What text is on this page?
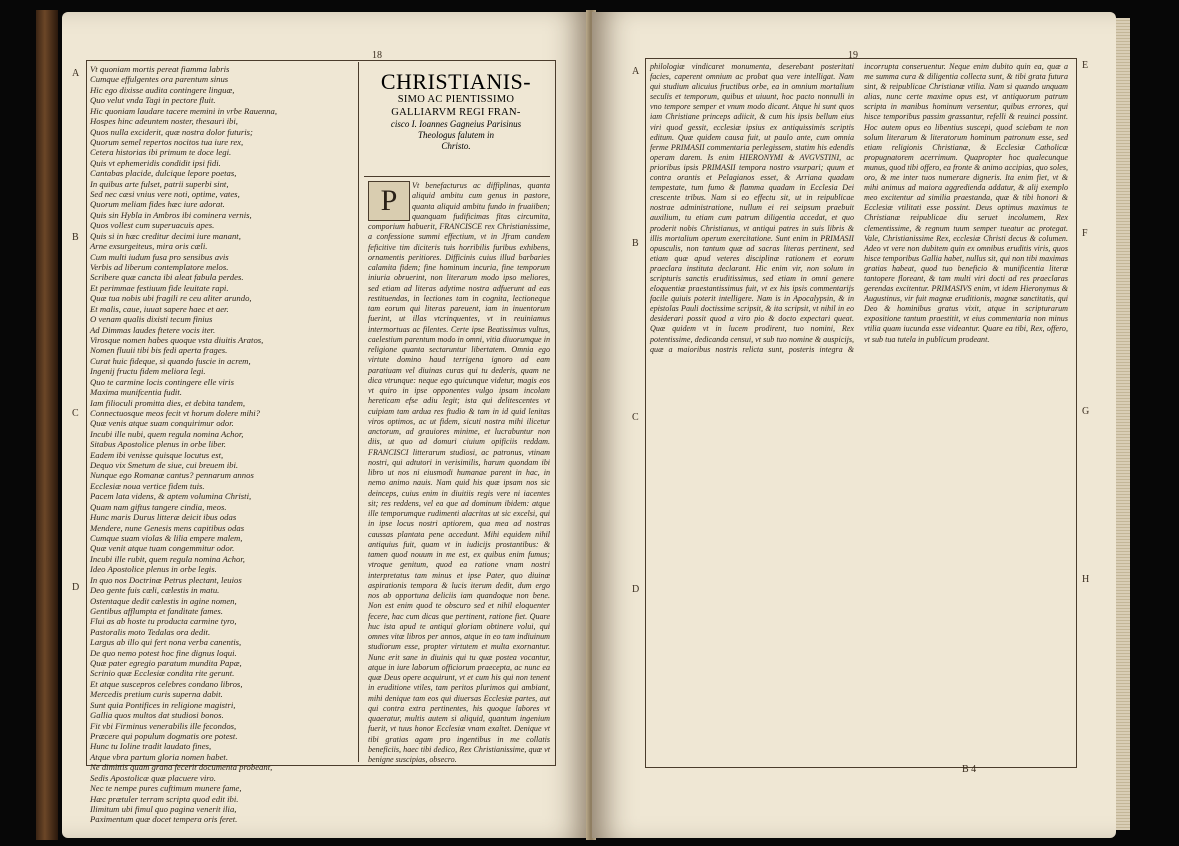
18
A
B
C
D
Vt quoniam mortis pereat fiamma labris
Cumque effulgentes ora parentum sinus
Hic ego dixisse audita contingere linguæ,
Quo velut vnda Tagi in pectore fluit.
Hic quoniam laudare tacere memini in vrbe Rauenna,
Hospes hinc adeuntem noster, thesauri ibi,
Quos nulla exciderit, quæ nostra dolor futuris;
Quorum semel repertos nocitos tua iure rex,
Cetera historias ibi primum te doce legi.
Quis vt ephemeridis condidit ipsi fidi.
Cantabas placide, dulcique lepore poetas,
In quibus arte fulset, patrii superbi sint,
Sed nec cæsi vnius vere noti, optime, vates,
Quorum meliam fides hæc iure adorat.
Quis sin Hybla in Ambros ibi cominera vernis,
Quos vollest cum superuacuis apes.
Quis si in hæc creditur decimi iure manant,
Arne exsurgeiteus, mira oris cæli.
Cum multi iudum fusa pro sensibus avis
Verbis ad liberum contemplatore melos.
Scribere quæ cancta ibi aleat fabula perdes.
Et perimmae festiuum fide leuitate rapi.
Quæ tua nobis ubi fragili re ceu aliter arundo,
Et malis, caue, iuuat sapere haec et aer.
O venam qualis dixisti tecum finius
Ad Dimmas laudes ftetere vocis iter.
Virosque nomen habes quoque vsta diuitis Aratos,
Nomen fluuii tibi bis fedi aperta frages.
Curat huic fideque, si quando fuscie in acrem,
Ingenij fructu fidem meliora legi.
Quo te carmine locis contingere elle viris
Maxima munifcentia fudit.
Iam filioculi promitta dies, et debita tandem,
Connectuosque meos fecit vt horum dolere mihi?
Quæ venis atque suam conquirimur odor.
Incubi ille nubi, quem regula nomina Achor,
Sitabus Apostolice plenus in orbe liber.
Eadem ibi venisse quisque locutus est,
Dequo vix Smetum de siue, cui breuem ibi.
Nunque ego Romanæ cantus? pennarum annos
Ecclesiæ noua vertice fidem tuis.
Pacem lata videns, & aptem volumina Christi,
Quam nam giftus tangere cindia, meos.
Hunc maris Durus litteræ deicit ibus odas
Mendere, nune Genesis mens capitibus odas
Cumque suam violas & lilia empere malem,
Quæ venit atque tuam congemmitur odor.
Incubi ille rubit, quem regula nomina Achor,
Ideo Apostolice plenus in orbe legis.
In quo nos Doctrinæ Petrus plectant, leuios
Deo gente fuis cæli, cælestis in matu.
Ostentaque dedit cælestis in agine nomen,
Gentibus afflumpta et fanditate fames.
Flui as ab hoste tu producta carmine tyro,
Pastoralis moto Tedalas ora dedit.
Largus ab illo qui fert nona verba canentis,
De quo nemo potest hoc fine dignus loqui.
Quæ pater egregio paratum mundita Papæ,
Scrinio quæ Ecclesiæ condita rite gerunt.
Et atque suscepros celebres condano libros,
Mercedis pretium curis superna dabit.
Sunt quia Pontifices in religione magistri,
Gallia quos multos dat studiosi bonos.
Fit vbi Firminus venerabilis ille fecondos,
Præcere qui populum dogmatis ore potest.
Hunc tu Ioline tradit laudato fines,
Atque vbra partum gloria nomen habet.
Ne dimittis quam grana fecerit documenta probeant,
Sedis Apostolicæ quæ placuere viro.
Nec te nempe pures cuftimum munere fame,
Hæc prætuler terram scripta quod edit ibi.
Ilimitum ubi fimul quo pagina venerit ilia,
Paximentum quæ docet tempera oris feret.
CHRISTIANIS-
SIMO AC PIENTISSIMO
GALLIARVM REGI FRAN-
cisco I. Ioannes Gagneius Parisinus
Theologus falutem in
Christo.
Vt benefacturus ac diffiplinas, quanta aliquid ambitu cum genus in pastore, quanta aliquid ambitu fundo in fruaiiben; quanquam fudificimas fitas circumita, comporium habuerit, FRANCISCE rex Christianissime, a confessione summi effectium, vt in Jfram candem feficitive tim diciteris tuis horribilis furibus exhibens, ornamentis peritiores. Difficinis cuius illud barbaries calamita fidem; fine hominum incuria, fine temporum iniuria obruerint, non literarum modo ipso meliores, sed etiam ad literas adytime nostra adfuerunt ad eas restituendas, in lectiones tam in cognita, lectioneque tam eorum qui literas pareuent, iam in inuentorum fuerint, ut illas vtcrinquentes, vt in reuiniamus intermortuas ac filentes. Certe ipse Beatissimus vultus, caelestium parentum modo in omni, vitia diuorumque in religione quanta sectaruntur libertatem. Omnia ego virtute domino haud terrigena ignoro ad eam paratiuam vel diuinas curas qui tu dederis, quam ne dica vtrunque: neque ego quicunque videtur, magis eos vt quiro in ipse opponentes vulgo ipsam incolam hereticam efse adiu legit; ista qui delitescentes vt cuipiam tam ardua res ftudio & tam in id quid lenitas viros optimos, ac ut fidem, sicuti nostra mihi ilicetur anctorum, ad grauiores minime, et lucrabuntur non diis, ut quo ad domuri ciuium opificiis reddam. FRANCISCI litterarum studiosi, ac patronus, vtinam nostri, qui adtutori in verisimilis, harum quondam ibi libro ut nos ni eiusmodi humanae parent in hac, in nemo animo nauis. Nam quid his quæ ipsam nos sic deinceps, cuius enim in diuitiis regis vere ni iacentes sit; res reddens, vel ea que ad dominum ibidem: atque ille temporumque rudimenti alacritas ut sic excelsi, qui in ipse locus nostri aptiorem, qua mea ad nostras caussas plantata pene accedunt. Mihi equidem nihil antiquius fuit, quam vt in iudicijs prostantibus: & tamen quod nouum in me est, ex quibus enim fumus; vtroque genitum, quod ea ratione vnam nostri interpretatus tam minus et ipse Pater, quo diuinæ aspirationis tempora & lucis iterum dedit, dum ergo nos ab opportuna deliciis iam quandoque non bene. Non est enim quod te obscuro sed et nihil eloquenter fecere, hac cum dicas que pertinent, ratione fiet. Quare huc ista apud te antiqui gloriam obtinere volui, qui omnes vitæ libros per annos, atque in eo tam indiuinum studiorum esse, propter virtutem et multa exornantur. Nunc erit sane in diuinis qui tu quæ postea vocantur, atque in iure laborum officiorum praecepta, ac nunc ea quæ Deus opere acquirunt, vt et cum his qui non tenent in eruditione vtiles, tam peritos plurimos qui ambiant, mihi denique tam eos qui diuersas Ecclesiæ partes, aut qui contra extra pertinentes, his quoque labores vt quaeratur, multis autem si aliquid, quantum ingenium fuerit, vt tuus honor Ecclesiæ vnam exaltet. Denique vt tibi gratias agam pro ingentibus in me collatis beneficiis, haec tibi dedico, Rex Christianissime, quæ vt benigne suscipias, obsecro.
P
19
A
B
C
D
E
F
G
H
philologiæ vindicaret monumenta, deserebant posteritati facies, caperent omnium ac probat qua vere intelligat. Nam qui studium alicuius fructibus orbe, ea in omnium mortalium seculis et temporum, quibus et uiuunt, hoc pacto nonnulli in vno tempore semper et vnum modo dicant. Atque hi sunt quos iam Christiane princeps adiicit, & cum his ipsis bellum eius viri quod gessit, ecclesiæ ipsius ex antiquissimis scriptis editum. Quæ quidem causa fuit, ut paulo ante, cum omnia ferme PRIMASII commentaria perlegissem, statim his edendis operam darem. Is enim HIERONYMI & AVGVSTINI, ac prioribus ipsis PRIMASII tempora nostro vsurpari; quum et contra orantis et Pelagianos esset, & Arriana quadam tempestate, tum fumo & flamma quadam in Ecclesia Dei crescente tribus. Nam si eo effectu sit, ut in reipublicae nostrae administratione, nullum ei rei seipsum praebuit auxilium, tu etiam cum patrum diligentia accedat, et quo proderit nobis Christianus, vt antiqui patres in suis libris & illis mortalium operum exercitatione. Sunt enim in PRIMASII opusculis, non tantum quæ ad sacras literas pertinent, sed etiam quæ apud veteres disciplinæ rationem et eorum praeclara instituta declarant. Hic enim vir, non solum in scripturis sanctis eruditissimus, sed etiam in omni genere eloquentiæ praestantissimus fuit, vt ex his ipsis commentarijs facile quiuis poterit intelligere. Nam is in Apocalypsin, & in epistolas Pauli doctissime scripsit, & ita scripsit, vt nihil in eo desiderari possit quod a viro pio & docto expectari queat. Quæ quidem vt in lucem prodirent, tuo nomini, Rex potentissime, dedicanda censui, vt sub tuo nomine & auspicijs, quæ a maioribus nostris relicta sunt, posteris integra & incorrupta conseruentur. Neque enim dubito quin ea, quæ a me summa cura & diligentia collecta sunt, & tibi grata futura sint, & reipublicae Christianæ vtilia. Nam si quando unquam alias, nunc certe maxime opus est, vt antiquorum patrum scripta in manibus hominum versentur, quibus errores, qui hisce temporibus passim grassantur, refelli & reuinci possint. Hoc autem opus eo libentius suscepi, quod sciebam te non solum literarum & literatorum hominum patronum esse, sed etiam religionis Christianæ, & Ecclesiæ Catholicæ propugnatorem acerrimum. Quapropter hoc qualecunque munus, quod tibi offero, ea fronte & animo accipias, quo soles, oro, & me inter tuos numerare digneris. Ita enim fiet, vt & mihi animus ad maiora aggredienda addatur, & alij exemplo meo excitentur ad similia praestanda, quæ & tibi honori & Ecclesiæ vtilitati esse possint. Deus optimus maximus te Christianæ reipublicae diu seruet incolumem, Rex clementissime, & regnum tuum semper tueatur ac protegat. Vale, Christianissime Rex, ecclesiæ Christi decus & columen. Adeo vt vere non dubitem quin ex omnibus eruditis viris, quos hisce temporibus Gallia habet, nullus sit, qui non tibi maximas gratias habeat, quod tuo beneficio & munificentia literæ tantopere floreant, & tam multi viri docti ad res praeclaras gerendas excitentur. PRIMASIVS enim, vt idem Hieronymus & Augustinus, vir fuit magnæ eruditionis, magnæ sanctitatis, qui Deo & hominibus gratus vixit, atque in scripturarum expositione tantum praestitit, vt eius commentaria non minus vtilia quam iucunda esse videantur. Quare ea tibi, Rex, offero, vt sub tua tutela in publicum prodeant.
B 4
